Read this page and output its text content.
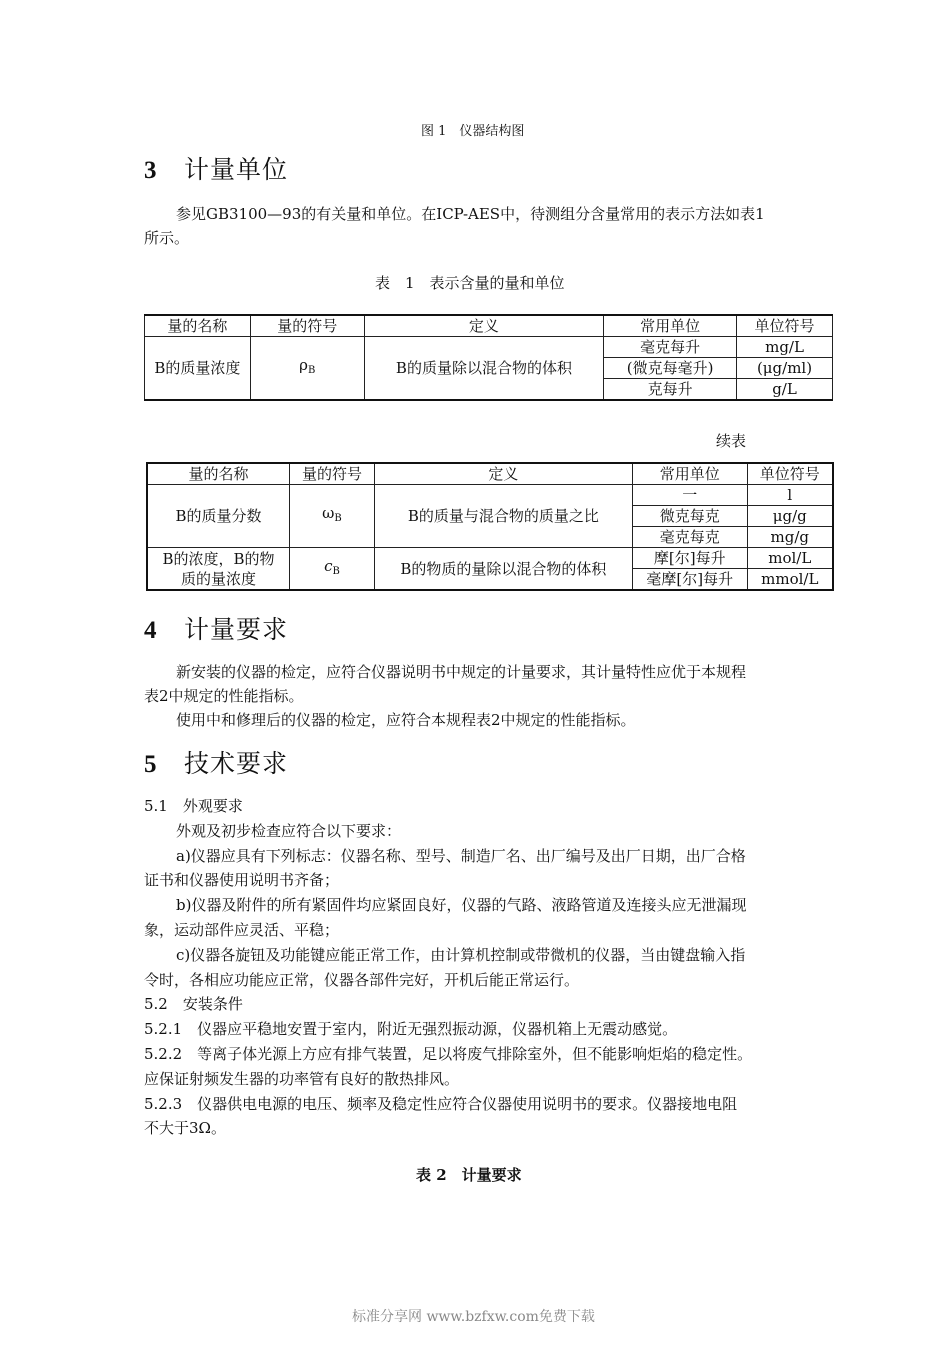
图 1　仪器结构图
3 计量单位

参见GB3100—93的有关量和单位。在ICP-AES中，待测组分含量常用的表示方法如表1

所示。

表　1　表示含量的量和单位
量的名称	量的符号	定义	常用单位	单位符号
B的质量浓度	$\rho_B$	B的质量除以混合物的体积	毫克每升	mg/L
			(微克每毫升)	(μg/ml)
			克每升	g/L
续表
量的名称	量的符号	定义	常用单位	单位符号
B的质量分数	$\omega_B$	B的质量与混合物的质量之比	一	l
			微克每克	μg/g
			毫克每克	mg/g

B的浓度，B的物
质的量浓度	$c_B$	B的物质的量除以混合物的体积	摩[尔]每升	mol/L
			毫摩[尔]每升	mmol/L
4 计量要求

新安装的仪器的检定，应符合仪器说明书中规定的计量要求，其计量特性应优于本规程

表2中规定的性能指标。

使用中和修理后的仪器的检定，应符合本规程表2中规定的性能指标。

5 技术要求

5.1　外观要求

外观及初步检查应符合以下要求：

a)仪器应具有下列标志：仪器名称、型号、制造厂名、出厂编号及出厂日期，出厂合格

证书和仪器使用说明书齐备；

b)仪器及附件的所有紧固件均应紧固良好，仪器的气路、液路管道及连接头应无泄漏现

象，运动部件应灵活、平稳；

c)仪器各旋钮及功能键应能正常工作，由计算机控制或带微机的仪器，当由键盘输入指

令时，各相应功能应正常，仪器各部件完好，开机后能正常运行。

5.2　安装条件

5.2.1　仪器应平稳地安置于室内，附近无强烈振动源，仪器机箱上无震动感觉。

5.2.2　等离子体光源上方应有排气装置，足以将废气排除室外，但不能影响炬焰的稳定性。

应保证射频发生器的功率管有良好的散热排风。

5.2.3　仪器供电电源的电压、频率及稳定性应符合仪器使用说明书的要求。仪器接地电阻

不大于3Ω。

表 2　计量要求
标准分享网 www.bzfxw.com免费下载
